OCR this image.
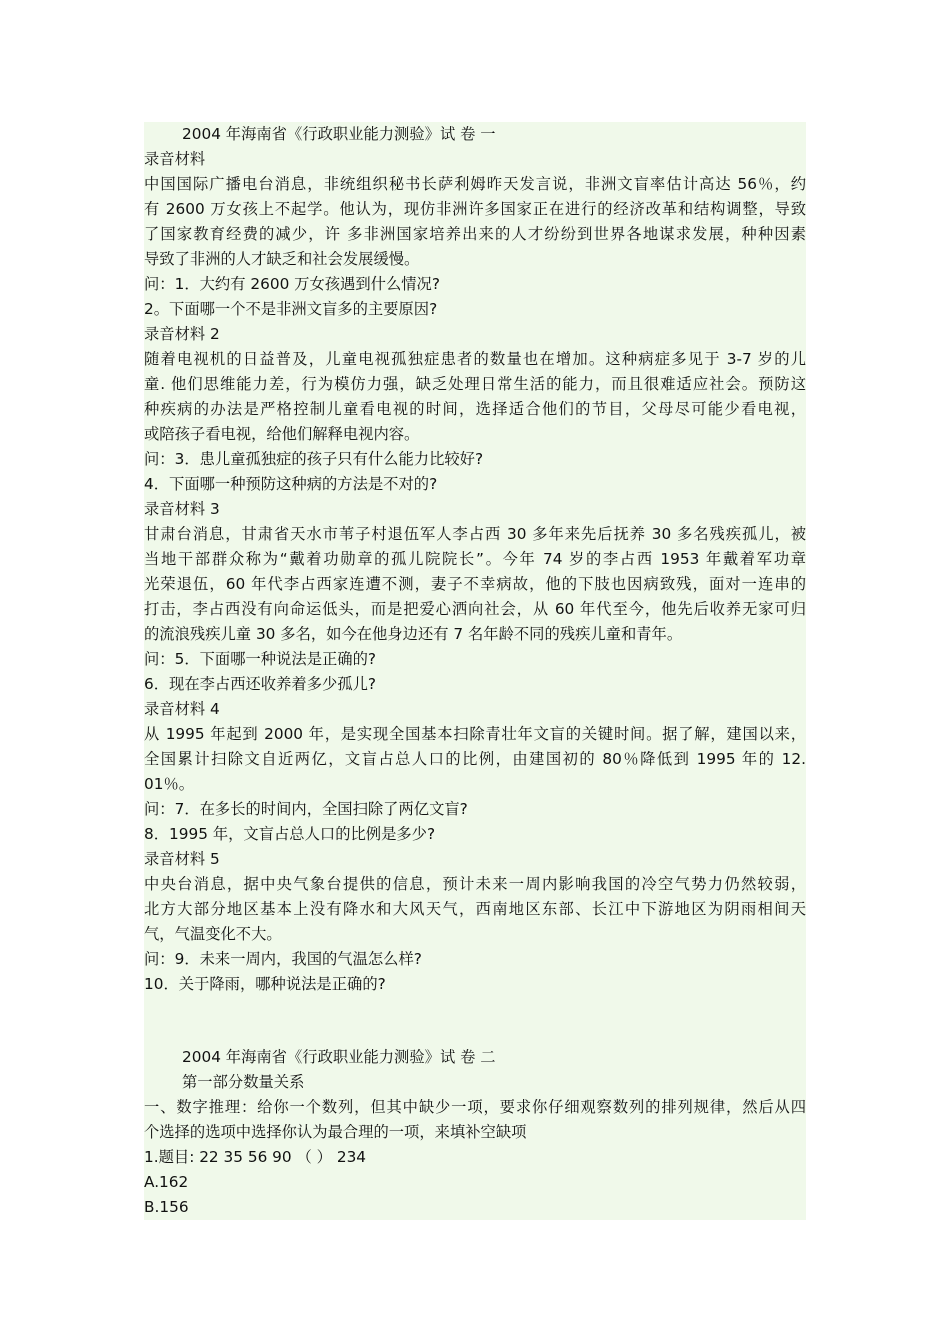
2004 年海南省《行政职业能力测验》试 卷 一
录音材料
中国国际广播电台消息，非统组织秘书长萨利姆昨天发言说，非洲文盲率估计高达 56％，约
有 2600 万女孩上不起学。他认为，现仿非洲许多国家正在进行的经济改革和结构调整，导致
了国家教育经费的减少，许 多非洲国家培养出来的人才纷纷到世界各地谋求发展，种种因素
导致了非洲的人才缺乏和社会发展缓慢。
问：1．大约有 2600 万女孩遇到什么情况?
2。下面哪一个不是非洲文盲多的主要原因?
录音材料 2
随着电视机的日益普及，儿童电视孤独症患者的数量也在增加。这种病症多见于 3-7 岁的儿
童. 他们思维能力差，行为模仿力强，缺乏处理日常生活的能力，而且很难适应社会。预防这
种疾病的办法是严格控制儿童看电视的时间，选择适合他们的节目，父母尽可能少看电视，
或陪孩子看电视，给他们解释电视内容。
问：3．患儿童孤独症的孩子只有什么能力比较好?
4．下面哪一种预防这种病的方法是不对的?
录音材料 3
甘肃台消息，甘肃省天水市苇子村退伍军人李占西 30 多年来先后抚养 30 多名残疾孤儿，被
当地干部群众称为“戴着功勋章的孤儿院院长”。今年 74 岁的李占西 1953 年戴着军功章
光荣退伍，60 年代李占西家连遭不测，妻子不幸病故，他的下肢也因病致残，面对一连串的
打击，李占西没有向命运低头，而是把爱心洒向社会，从 60 年代至今，他先后收养无家可归
的流浪残疾儿童 30 多名，如今在他身边还有 7 名年龄不同的残疾儿童和青年。
问：5．下面哪一种说法是正确的?
6．现在李占西还收养着多少孤儿?
录音材料 4
从 1995 年起到 2000 年，是实现全国基本扫除青壮年文盲的关键时间。据了解，建国以来，
全国累计扫除文自近两亿，文盲占总人口的比例，由建国初的 80％降低到 1995 年的 12.
01％。
问：7．在多长的时间内，全国扫除了两亿文盲?
8．1995 年，文盲占总人口的比例是多少?
录音材料 5
中央台消息，据中央气象台提供的信息，预计未来一周内影响我国的冷空气势力仍然较弱，
北方大部分地区基本上没有降水和大风天气，西南地区东部、长江中下游地区为阴雨相间天
气，气温变化不大。
问：9．未来一周内，我国的气温怎么样?
10．关于降雨，哪种说法是正确的?
2004 年海南省《行政职业能力测验》试 卷 二
第一部分数量关系
一、数字推理：给你一个数列，但其中缺少一项，要求你仔细观察数列的排列规律，然后从四
个选择的选项中选择你认为最合理的一项，来填补空缺项
1.题目: 22 35 56 90 （ ） 234
A.162
B.156
